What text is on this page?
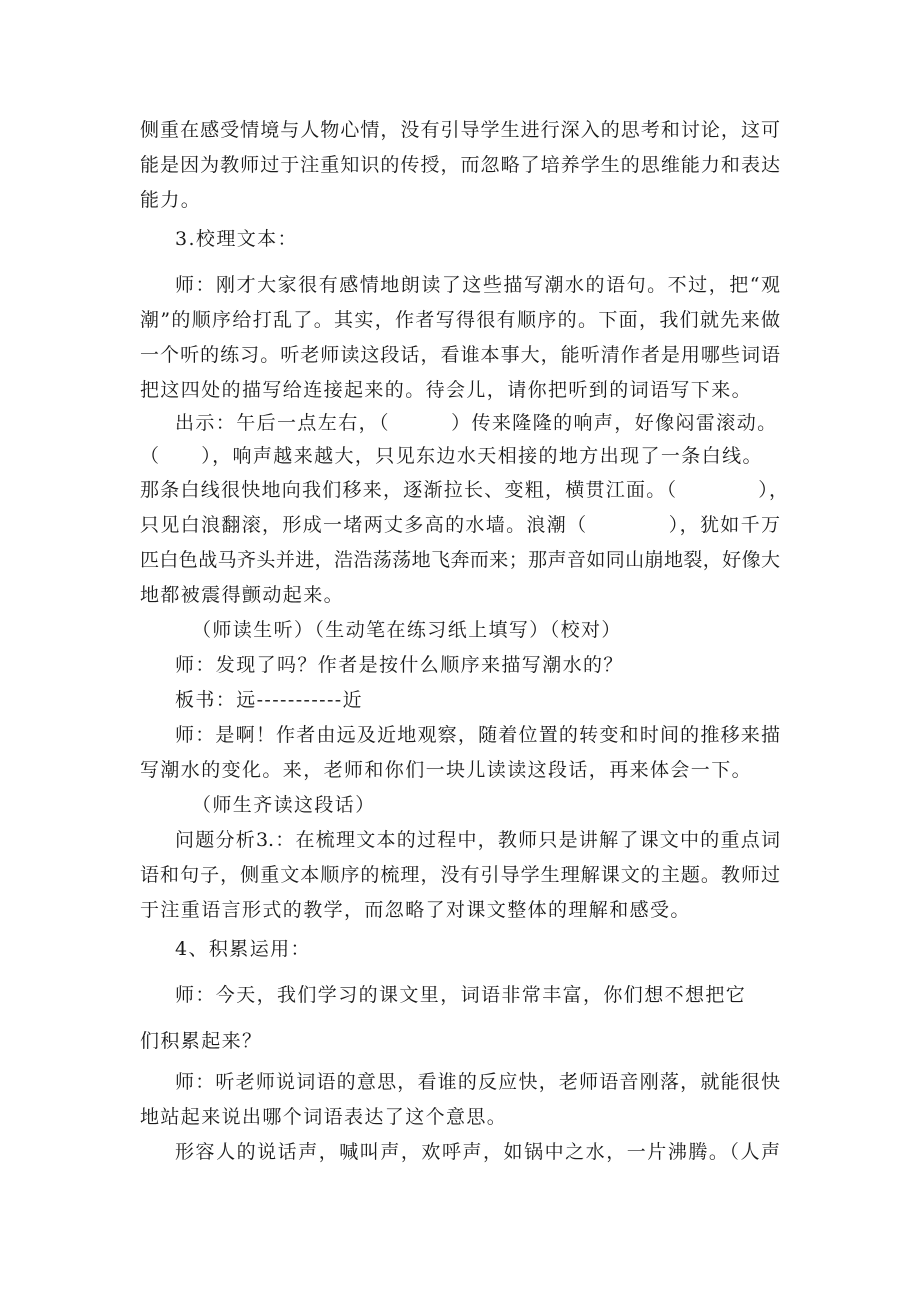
侧重在感受情境与人物心情，没有引导学生进行深入的思考和讨论，这可
能是因为教师过于注重知识的传授，而忽略了培养学生的思维能力和表达
能力。
3.校理文本：
师：刚才大家很有感情地朗读了这些描写潮水的语句。不过，把“观
潮”的顺序给打乱了。其实，作者写得很有顺序的。下面，我们就先来做
一个听的练习。听老师读这段话，看谁本事大，能听清作者是用哪些词语
把这四处的描写给连接起来的。待会儿，请你把听到的词语写下来。
出示：午后一点左右，（　　　）传来隆隆的响声，好像闷雷滚动。
（　　），响声越来越大，只见东边水天相接的地方出现了一条白线。
那条白线很快地向我们移来，逐渐拉长、变粗，横贯江面。（　　　　），
只见白浪翻滚，形成一堵两丈多高的水墙。浪潮（　　　　），犹如千万
匹白色战马齐头并进，浩浩荡荡地飞奔而来；那声音如同山崩地裂，好像大
地都被震得颤动起来。
（师读生听）（生动笔在练习纸上填写）（校对）
师：发现了吗？作者是按什么顺序来描写潮水的？
板书：远-----------近
师：是啊！作者由远及近地观察，随着位置的转变和时间的推移来描
写潮水的变化。来，老师和你们一块儿读读这段话，再来体会一下。
（师生齐读这段话）
问题分析3.：在梳理文本的过程中，教师只是讲解了课文中的重点词
语和句子，侧重文本顺序的梳理，没有引导学生理解课文的主题。教师过
于注重语言形式的教学，而忽略了对课文整体的理解和感受。
4、积累运用：
师：今天，我们学习的课文里，词语非常丰富，你们想不想把它
们积累起来？
师：听老师说词语的意思，看谁的反应快，老师语音刚落，就能很快
地站起来说出哪个词语表达了这个意思。
形容人的说话声，喊叫声，欢呼声，如锅中之水，一片沸腾。（人声
